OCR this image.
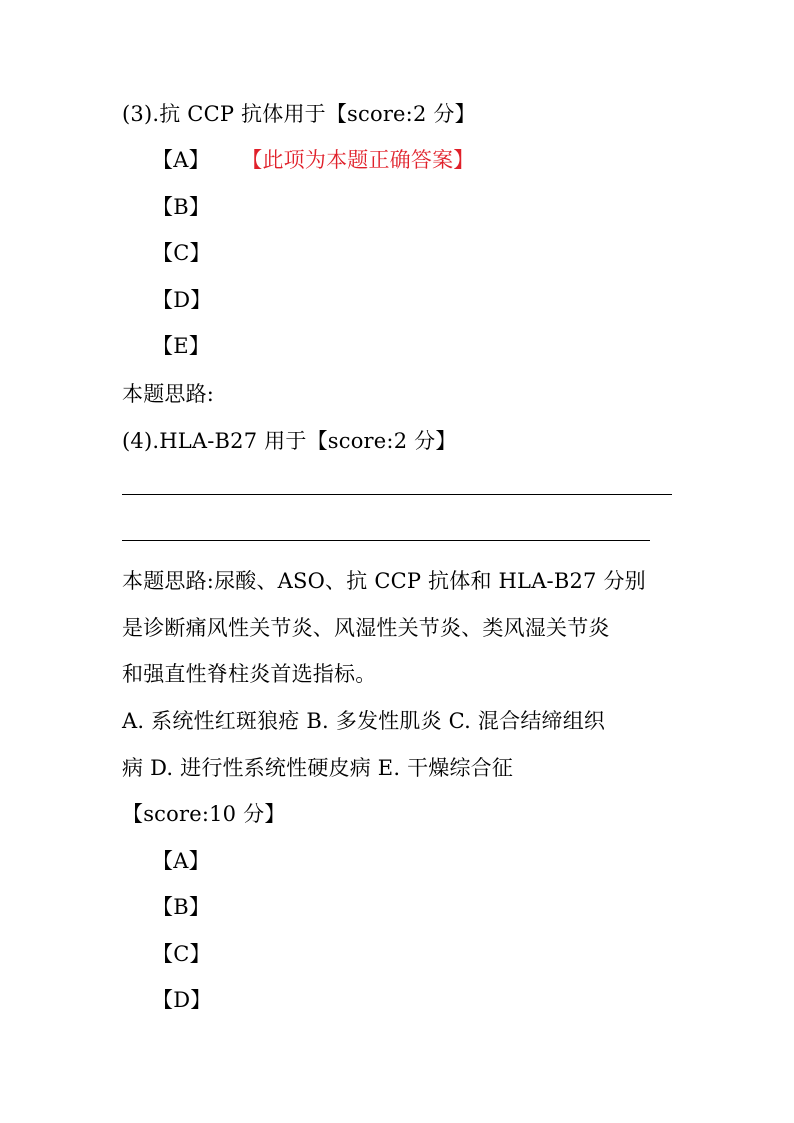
(3).抗 CCP 抗体用于【score:2 分】
【A】 【此项为本题正确答案】
【B】
【C】
【D】
【E】
本题思路:
(4).HLA-B27 用于【score:2 分】
本题思路:尿酸、ASO、抗 CCP 抗体和 HLA-B27 分别
是诊断痛风性关节炎、风湿性关节炎、类风湿关节炎
和强直性脊柱炎首选指标。
A. 系统性红斑狼疮 B. 多发性肌炎 C. 混合结缔组织
病 D. 进行性系统性硬皮病 E. 干燥综合征
【score:10 分】
【A】
【B】
【C】
【D】
